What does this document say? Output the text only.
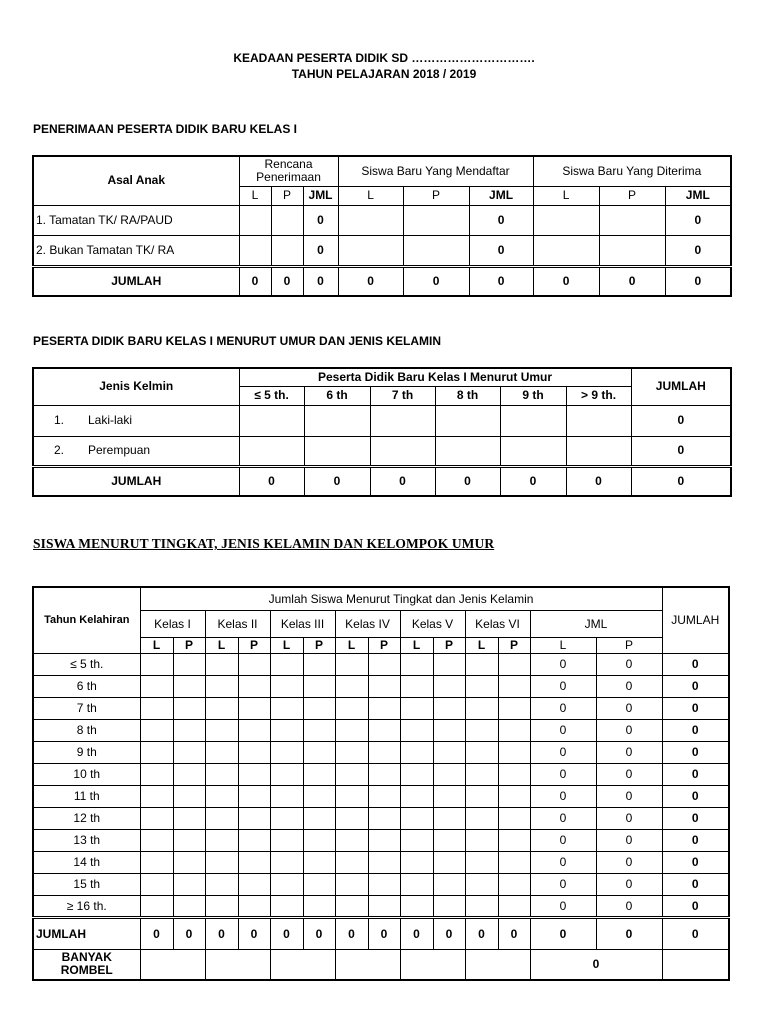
KEADAAN PESERTA DIDIK SD ………………………….
TAHUN PELAJARAN 2018 / 2019
PENERIMAAN PESERTA DIDIK BARU KELAS I
Asal Anak	Rencana Penerimaan			Siswa Baru Yang Mendaftar			Siswa Baru Yang Diterima		
	L	P	JML	L	P	JML	L	P	JML
1. Tamatan TK/ RA/PAUD			0			0			0
2. Bukan Tamatan TK/ RA			0			0			0
JUMLAH	0	0	0	0	0	0	0	0	0
PESERTA DIDIK BARU KELAS I MENURUT UMUR DAN JENIS KELAMIN
Jenis Kelmin	Peserta Didik Baru Kelas I Menurut Umur						JUMLAH
	≤ 5 th.	6 th	7 th	8 th	9 th	> 9 th.	
1. Laki-laki							0
2. Perempuan							0
JUMLAH	0	0	0	0	0	0	0
SISWA MENURUT TINGKAT, JENIS KELAMIN DAN KELOMPOK UMUR
Tahun Kelahiran	Jumlah Siswa Menurut Tingkat dan Jenis Kelamin														JUMLAH
	Kelas I		Kelas II		Kelas III		Kelas IV		Kelas V		Kelas VI		JML		
	L	P	L	P	L	P	L	P	L	P	L	P	L	P	
≤ 5 th.													0	0	0
6 th													0	0	0
7 th													0	0	0
8 th													0	0	0
9 th													0	0	0
10 th													0	0	0
11 th													0	0	0
12 th													0	0	0
13 th													0	0	0
14 th													0	0	0
15 th													0	0	0
≥ 16 th.													0	0	0
JUMLAH	0	0	0	0	0	0	0	0	0	0	0	0	0	0	0
BANYAK ROMBEL													0		
